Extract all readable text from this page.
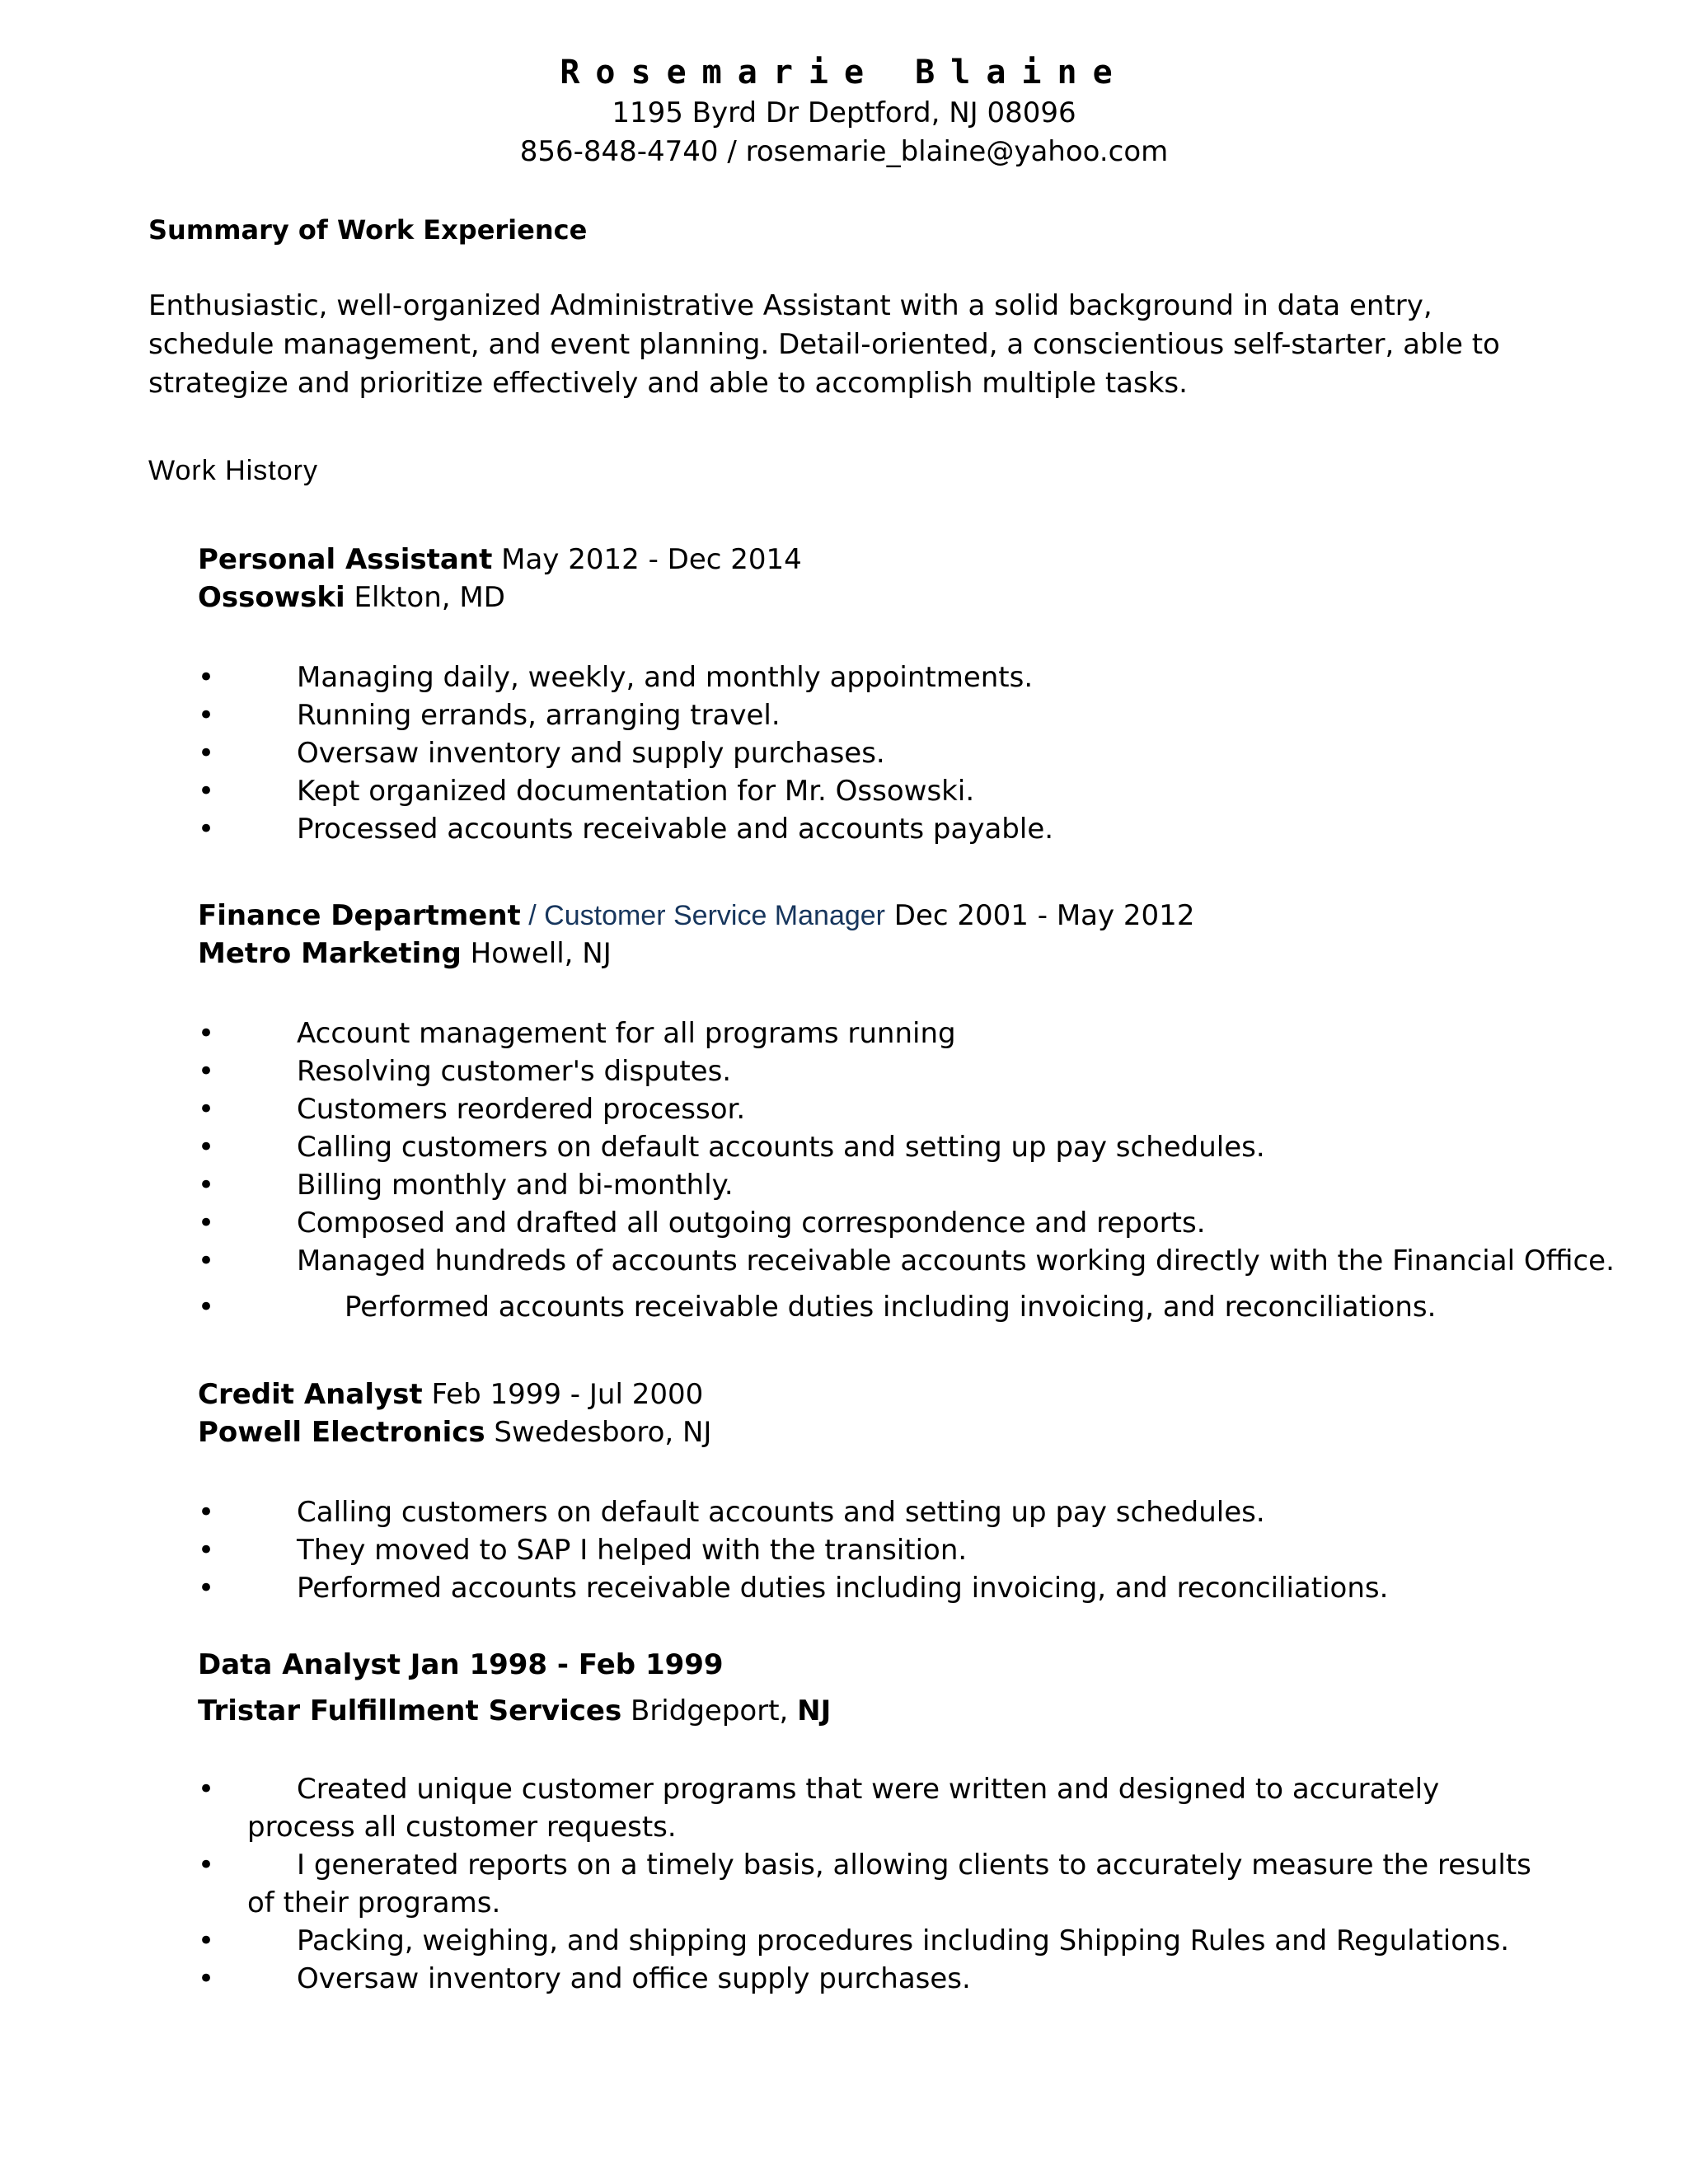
Rosemarie Blaine
1195 Byrd Dr Deptford, NJ 08096
856-848-4740 / rosemarie_blaine@yahoo.com
Summary of Work Experience
Enthusiastic, well-organized Administrative Assistant with a solid background in data entry, schedule management, and event planning. Detail-oriented, a conscientious self-starter, able to strategize and prioritize effectively and able to accomplish multiple tasks.
Work History
Personal Assistant May 2012 - Dec 2014
Ossowski Elkton, MD
•	Managing daily, weekly, and monthly appointments.
•	Running errands, arranging travel.
•	Oversaw inventory and supply purchases.
•	Kept organized documentation for Mr. Ossowski.
•	Processed accounts receivable and accounts payable.
Finance Department / Customer Service Manager Dec 2001 - May 2012
Metro Marketing Howell, NJ
•	Account management for all programs running
•	Resolving customer's disputes.
•	Customers reordered processor.
•	Calling customers on default accounts and setting up pay schedules.
•	Billing monthly and bi-monthly.
•	Composed and drafted all outgoing correspondence and reports.
•	Managed hundreds of accounts receivable accounts working directly with the Financial Office.
•	Performed accounts receivable duties including invoicing, and reconciliations.
Credit Analyst Feb 1999 - Jul 2000
Powell Electronics Swedesboro, NJ
•	Calling customers on default accounts and setting up pay schedules.
•	They moved to SAP I helped with the transition.
•	Performed accounts receivable duties including invoicing, and reconciliations.
Data Analyst Jan 1998 - Feb 1999
Tristar Fulfillment Services Bridgeport, NJ
•	Created unique customer programs that were written and designed to accurately process all customer requests.
•	I generated reports on a timely basis, allowing clients to accurately measure the results of their programs.
•	Packing, weighing, and shipping procedures including Shipping Rules and Regulations.
•	Oversaw inventory and office supply purchases.
